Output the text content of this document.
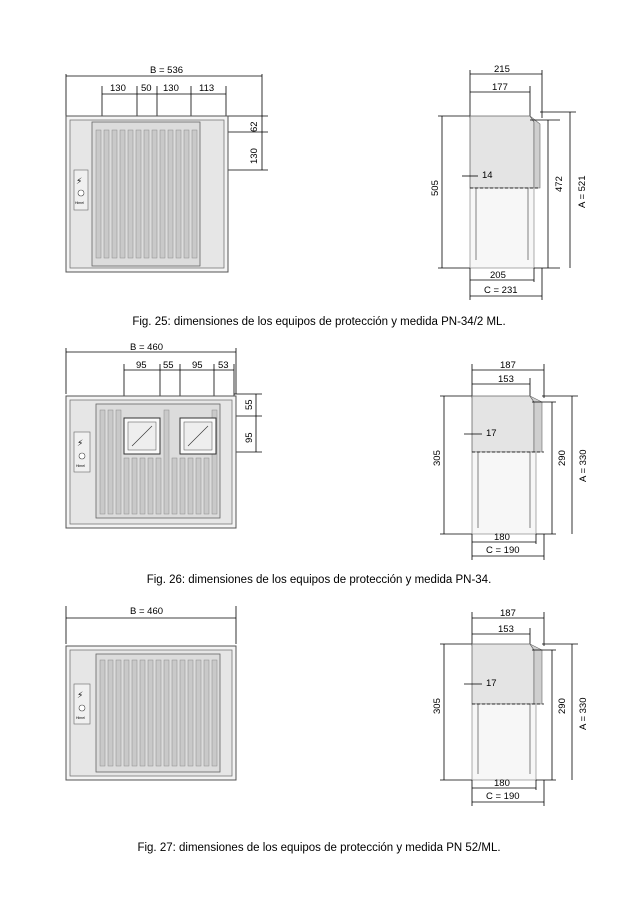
B = 536
130 50 130 113
62
130
⚡
Himel
215
177
505
14
472 A = 521
205
C = 231
Fig. 25: dimensiones de los equipos de protección y medida PN-34/2 ML.
B = 460
95 55 95 53
55
95
⚡
Himel
187
153
305
17
290 A = 330
180
C = 190
Fig. 26: dimensiones de los equipos de protección y medida PN-34.
B = 460
⚡
Himel
187
153
305
17
290 A = 330
180
C = 190
Fig. 27: dimensiones de los equipos de protección y medida PN 52/ML.
